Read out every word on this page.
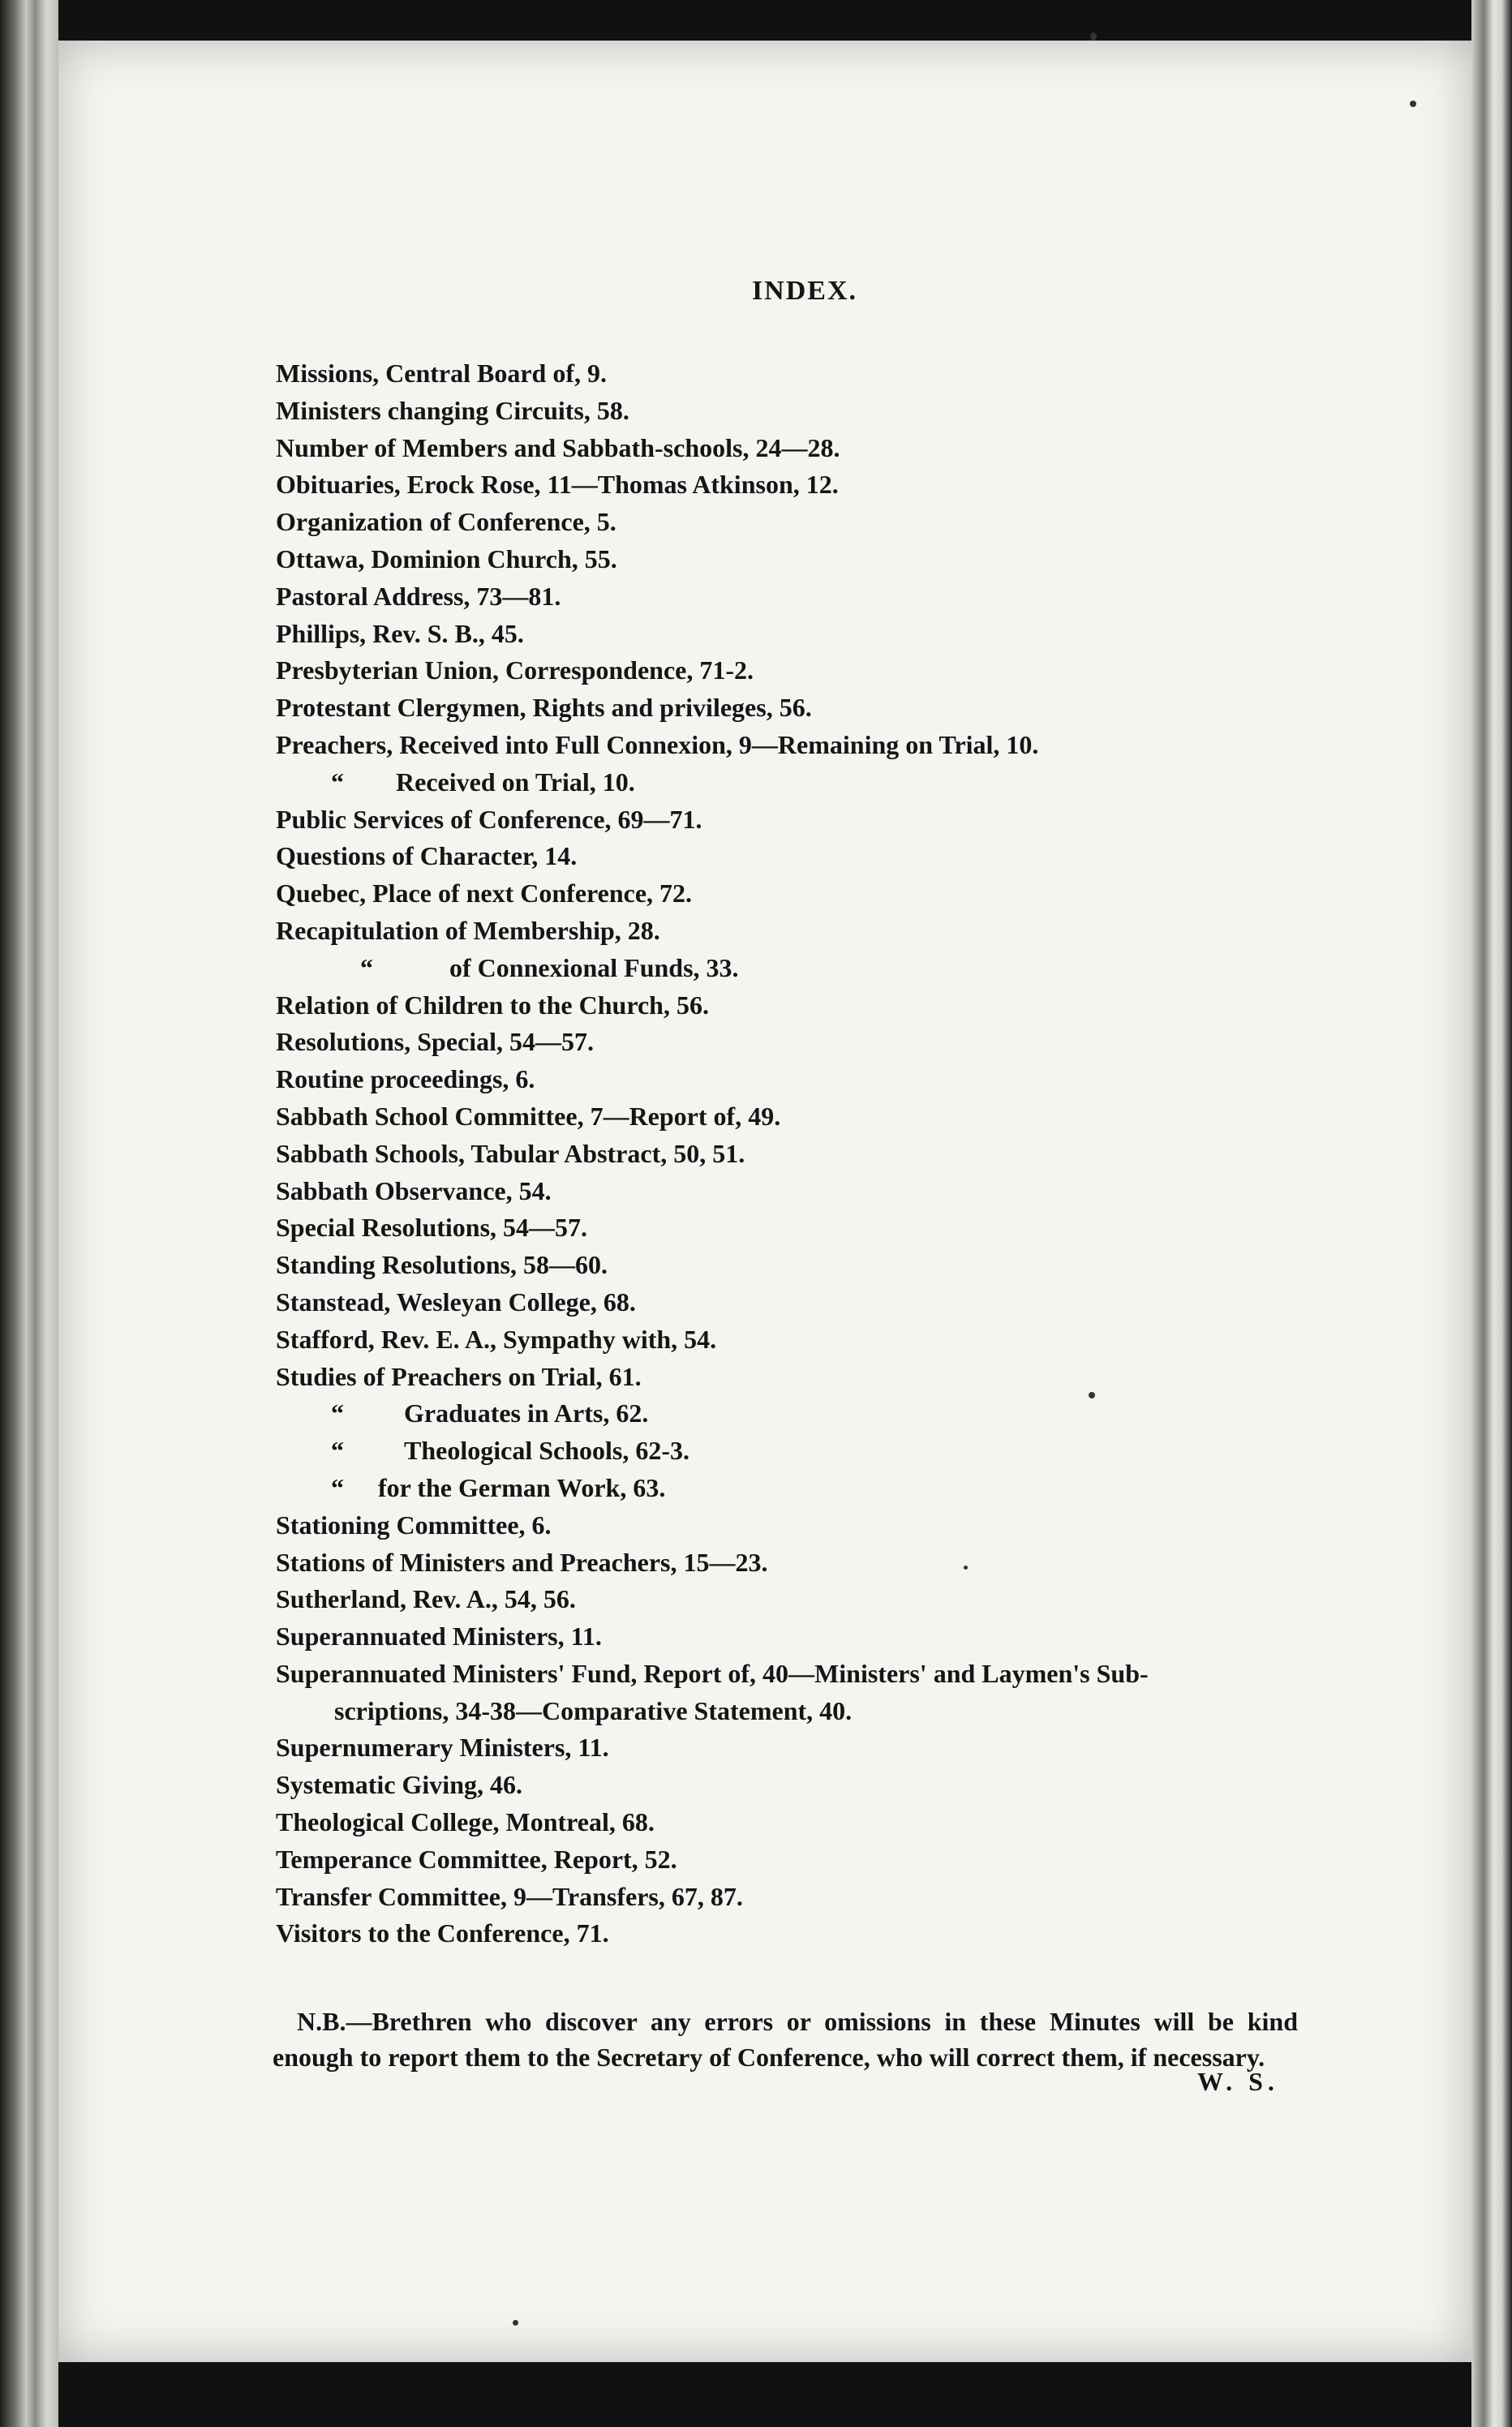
INDEX.
Missions, Central Board of, 9.
Ministers changing Circuits, 58.
Number of Members and Sabbath-schools, 24—28.
Obituaries, Erock Rose, 11—Thomas Atkinson, 12.
Organization of Conference, 5.
Ottawa, Dominion Church, 55.
Pastoral Address, 73—81.
Phillips, Rev. S. B., 45.
Presbyterian Union, Correspondence, 71-2.
Protestant Clergymen, Rights and privileges, 56.
Preachers, Received into Full Connexion, 9—Remaining on Trial, 10.
“ Received on Trial, 10.
Public Services of Conference, 69—71.
Questions of Character, 14.
Quebec, Place of next Conference, 72.
Recapitulation of Membership, 28.
“	of Connexional Funds, 33.
Relation of Children to the Church, 56.
Resolutions, Special, 54—57.
Routine proceedings, 6.
Sabbath School Committee, 7—Report of, 49.
Sabbath Schools, Tabular Abstract, 50, 51.
Sabbath Observance, 54.
Special Resolutions, 54—57.
Standing Resolutions, 58—60.
Stanstead, Wesleyan College, 68.
Stafford, Rev. E. A., Sympathy with, 54.
Studies of Preachers on Trial, 61.
“ Graduates in Arts, 62.
“ Theological Schools, 62-3.
“ for the German Work, 63.
Stationing Committee, 6.
Stations of Ministers and Preachers, 15—23.
Sutherland, Rev. A., 54, 56.
Superannuated Ministers, 11.
Superannuated Ministers' Fund, Report of, 40—Ministers' and Laymen's Sub-
scriptions, 34-38—Comparative Statement, 40.
Supernumerary Ministers, 11.
Systematic Giving, 46.
Theological College, Montreal, 68.
Temperance Committee, Report, 52.
Transfer Committee, 9—Transfers, 67, 87.
Visitors to the Conference, 71.
N.B.—Brethren who discover any errors or omissions in these Minutes will be kind enough to report them to the Secretary of Conference, who will correct them, if necessary.
W. S.
